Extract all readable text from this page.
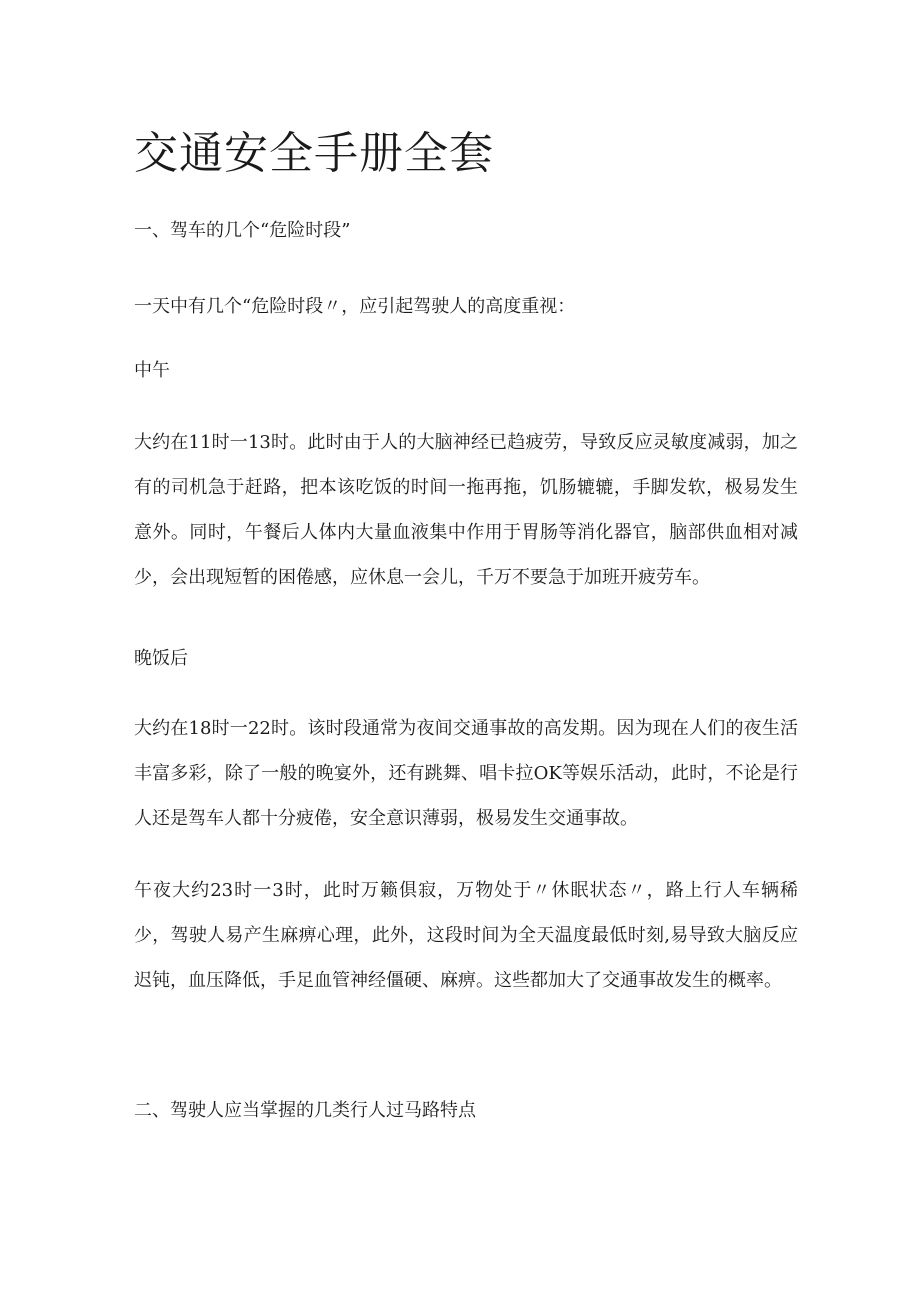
交通安全手册全套

一、驾车的几个“危险时段”

一天中有几个“危险时段〃，应引起驾驶人的高度重视：

中午

大约在11时一13时。此时由于人的大脑神经已趋疲劳，导致反应灵敏度减弱，加之有的司机急于赶路，把本该吃饭的时间一拖再拖，饥肠辘辘，手脚发软，极易发生意外。同时，午餐后人体内大量血液集中作用于胃肠等消化器官，脑部供血相对减少，会出现短暂的困倦感，应休息一会儿，千万不要急于加班开疲劳车。

晚饭后

大约在18时一22时。该时段通常为夜间交通事故的高发期。因为现在人们的夜生活丰富多彩，除了一般的晚宴外，还有跳舞、唱卡拉OK等娱乐活动，此时，不论是行人还是驾车人都十分疲倦，安全意识薄弱，极易发生交通事故。

午夜大约23时一3时，此时万籁俱寂，万物处于〃休眠状态〃，路上行人车辆稀少，驾驶人易产生麻痹心理，此外，这段时间为全天温度最低时刻,易导致大脑反应迟钝，血压降低，手足血管神经僵硬、麻痹。这些都加大了交通事故发生的概率。

二、驾驶人应当掌握的几类行人过马路特点
